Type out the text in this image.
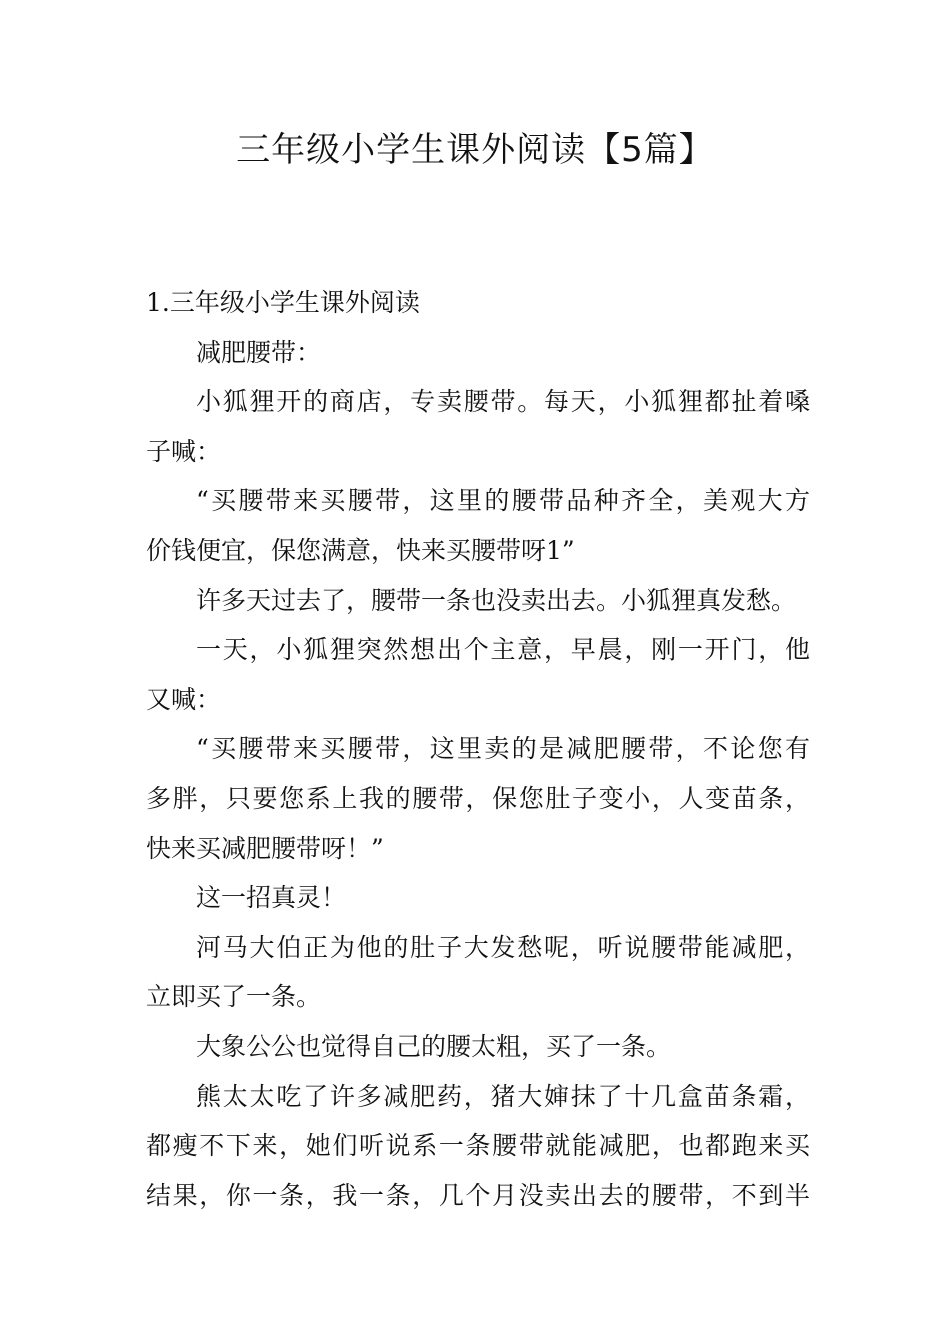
三年级小学生课外阅读【5篇】
1.三年级小学生课外阅读
减肥腰带：
小狐狸开的商店，专卖腰带。每天，小狐狸都扯着嗓
子喊：
“买腰带来买腰带，这里的腰带品种齐全，美观大方
价钱便宜，保您满意，快来买腰带呀1”
许多天过去了，腰带一条也没卖出去。小狐狸真发愁。
一天，小狐狸突然想出个主意，早晨，刚一开门，他
又喊：
“买腰带来买腰带，这里卖的是减肥腰带，不论您有
多胖，只要您系上我的腰带，保您肚子变小，人变苗条，
快来买减肥腰带呀！”
这一招真灵！
河马大伯正为他的肚子大发愁呢，听说腰带能减肥，
立即买了一条。
大象公公也觉得自己的腰太粗，买了一条。
熊太太吃了许多减肥药，猪大婶抹了十几盒苗条霜，
都瘦不下来，她们听说系一条腰带就能减肥，也都跑来买
结果，你一条，我一条，几个月没卖出去的腰带，不到半
